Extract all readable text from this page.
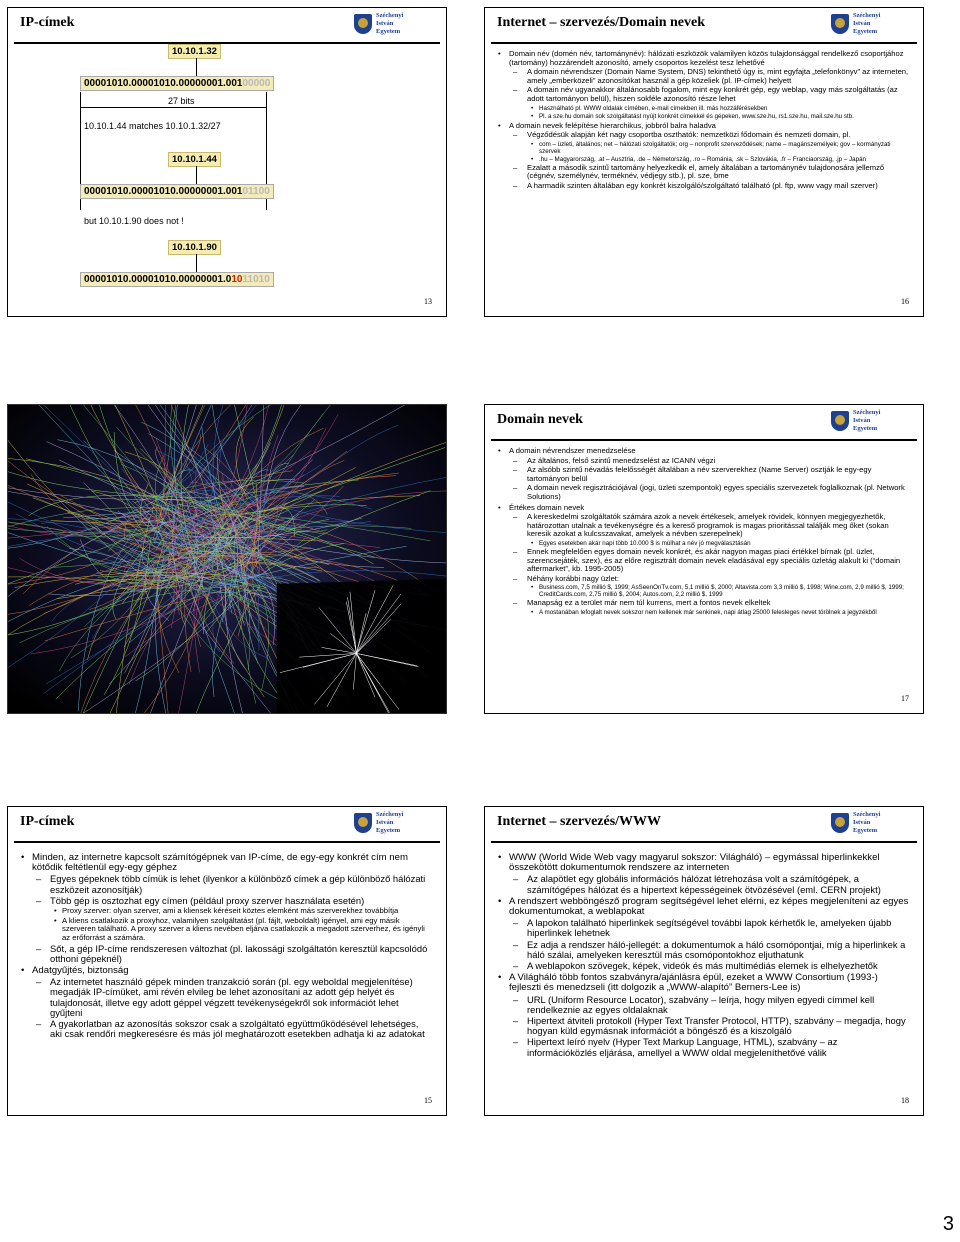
IP-címek	Széchenyi
István
Egyetem
10.10.1.32
00001010.00001010.00000001.00100000
27 bits
10.10.1.44 matches 10.10.1.32/27
10.10.1.44
00001010.00001010.00000001.00101100
but 10.10.1.90 does not !
10.10.1.90
00001010.00001010.00000001.01011010
13
Internet – szervezés/Domain nevek	Széchenyi
István
Egyetem
• Domain név (domén név, tartománynév): hálózati eszközök valamilyen közös tulajdonsággal rendelkező csoportjához (tartomány) hozzárendelt azonosító, amely csoportos kezelést tesz lehetővé
– A domain névrendszer (Domain Name System, DNS) tekinthető úgy is, mint egyfajta „telefonkönyv” az interneten, amely „emberközeli” azonosítókat használ a gép közeliek (pl. IP-címek) helyett
– A domain név ugyanakkor általánosabb fogalom, mint egy konkrét gép, egy weblap, vagy más szolgáltatás (az adott tartományon belül), hiszen sokféle azonosító része lehet
• Használható pl. WWW oldalak címében, e-mail címekben ill. más hozzáférésekben
• Pl. a sze.hu domain sok szolgáltatást nyújt konkrét címekkel és gépeken, www.sze.hu, rs1.sze.hu, mail.sze.hu stb.
• A domain nevek felépítése hierarchikus, jobbról balra haladva
– Végződésük alapján két nagy csoportba oszthatók: nemzetközi fődomain és nemzeti domain, pl.
• com – üzleti, általános; net – hálózati szolgáltatók; org – nonprofit szerveződések; name – magánszemélyek; gov – kormányzati szervek
• .hu – Magyarország, .at – Ausztria, .de – Németország, .ro – Románia, .sk – Szlovákia, .fr – Franciaország, .jp – Japán
– Ezalatt a második szintű tartomány helyezkedik el, amely általában a tartománynév tulajdonosára jellemző (cégnév, személynév, terméknév, védjegy stb.), pl. sze, bme
– A harmadik szinten általában egy konkrét kiszolgáló/szolgáltató található (pl. ftp, www vagy mail szerver)
16
Domain nevek	Széchenyi
István
Egyetem
• A domain névrendszer menedzselése
– Az általános, felső szintű menedzselést az ICANN végzi
– Az alsóbb szintű névadás felelősségét általában a név szerverekhez (Name Server) osztják le egy-egy tartományon belül
– A domain nevek regisztrációjával (jogi, üzleti szempontok) egyes speciális szervezetek foglalkoznak (pl. Network Solutions)
• Értékes domain nevek
– A kereskedelmi szolgáltatók számára azok a nevek értékesek, amelyek rövidek, könnyen megjegyezhetők, határozottan utalnak a tevékenységre és a kereső programok is magas prioritással találják meg őket (sokan keresik azokat a kulcsszavakat, amelyek a névben szerepelnek)
• Egyes esetekben akár napi több 10.000 $ is múlhat a név jó megválasztásán
– Ennek megfelelően egyes domain nevek konkrét, és akár nagyon magas piaci értékkel bírnak (pl. üzlet, szerencsejáték, szex), és az előre regisztrált domain nevek eladásával egy speciális üzletág alakult ki (“domain aftermarket”, kb. 1995-2005)
– Néhány korábbi nagy üzlet:
• Business.com, 7,5 millió $, 1999; AsSeenOnTv.com, 5,1 millió $, 2000; Altavista.com 3,3 millió $, 1998; Wine.com, 2,9 millió $, 1999; CreditCards.com, 2,75 millió $, 2004; Autos.com, 2,2 millió $, 1999
– Manapság ez a terület már nem túl kurrens, mert a fontos nevek elkeltek
• A mostanában lefoglalt nevek sokszor nem kellenek már senkinek, napi átlag 25000 felesleges nevet törölnek a jegyzékből
17
IP-címek	Széchenyi
István
Egyetem
• Minden, az internetre kapcsolt számítógépnek van IP-címe, de egy-egy konkrét cím nem kötődik feltétlenül egy-egy géphez
– Egyes gépeknek több címük is lehet (ilyenkor a különböző címek a gép különböző hálózati eszközeit azonosítják)
– Több gép is osztozhat egy címen (például proxy szerver használata esetén)
• Proxy szerver: olyan szerver, ami a kliensek kéréseit köztes elemként más szerverekhez továbbítja
• A kliens csatlakozik a proxyhoz, valamilyen szolgáltatást (pl. fájlt, weboldalt) igényel, ami egy másik szerveren található. A proxy szerver a kliens nevében eljárva csatlakozik a megadott szerverhez, és igényli az erőforrást a számára.
– Sőt, a gép IP-címe rendszeresen változhat (pl. lakossági szolgáltatón keresztül kapcsolódó otthoni gépeknél)
• Adatgyűjtés, biztonság
– Az internetet használó gépek minden tranzakció során (pl. egy weboldal megjelenítése) megadják IP-címüket, ami révén elvileg be lehet azonosítani az adott gép helyét és tulajdonosát, illetve egy adott géppel végzett tevékenységekről sok információt lehet gyűjteni
– A gyakorlatban az azonosítás sokszor csak a szolgáltató együttműködésével lehetséges, aki csak rendőri megkeresésre és más jól meghatározott esetekben adhatja ki az adatokat
15
Internet – szervezés/WWW	Széchenyi
István
Egyetem
• WWW (World Wide Web vagy magyarul sokszor: Világháló) – egymással hiperlinkekkel összekötött dokumentumok rendszere az interneten
– Az alapötlet egy globális információs hálózat létrehozása volt a számítógépek, a számítógépes hálózat és a hipertext képességeinek ötvözésével (eml. CERN projekt)
• A rendszert webböngésző program segítségével lehet elérni, ez képes megjeleníteni az egyes dokumentumokat, a weblapokat
– A lapokon található hiperlinkek segítségével további lapok kérhetők le, amelyeken újabb hiperlinkek lehetnek
– Ez adja a rendszer háló-jellegét: a dokumentumok a háló csomópontjai, míg a hiperlinkek a háló szálai, amelyeken keresztül más csomópontokhoz eljuthatunk
– A weblapokon szövegek, képek, videók és más multimédiás elemek is elhelyezhetők
• A Világháló több fontos szabványra/ajánlásra épül, ezeket a WWW Consortium (1993-) fejleszti és menedzseli (itt dolgozik a „WWW-alapító” Berners-Lee is)
– URL (Uniform Resource Locator), szabvány – leírja, hogy milyen egyedi címmel kell rendelkeznie az egyes oldalaknak
– Hipertext átviteli protokoll (Hyper Text Transfer Protocol, HTTP), szabvány – megadja, hogy hogyan küld egymásnak információt a böngésző és a kiszolgáló
– Hipertext leíró nyelv (Hyper Text Markup Language, HTML), szabvány – az információközlés eljárása, amellyel a WWW oldal megjeleníthetővé válik
18
3
